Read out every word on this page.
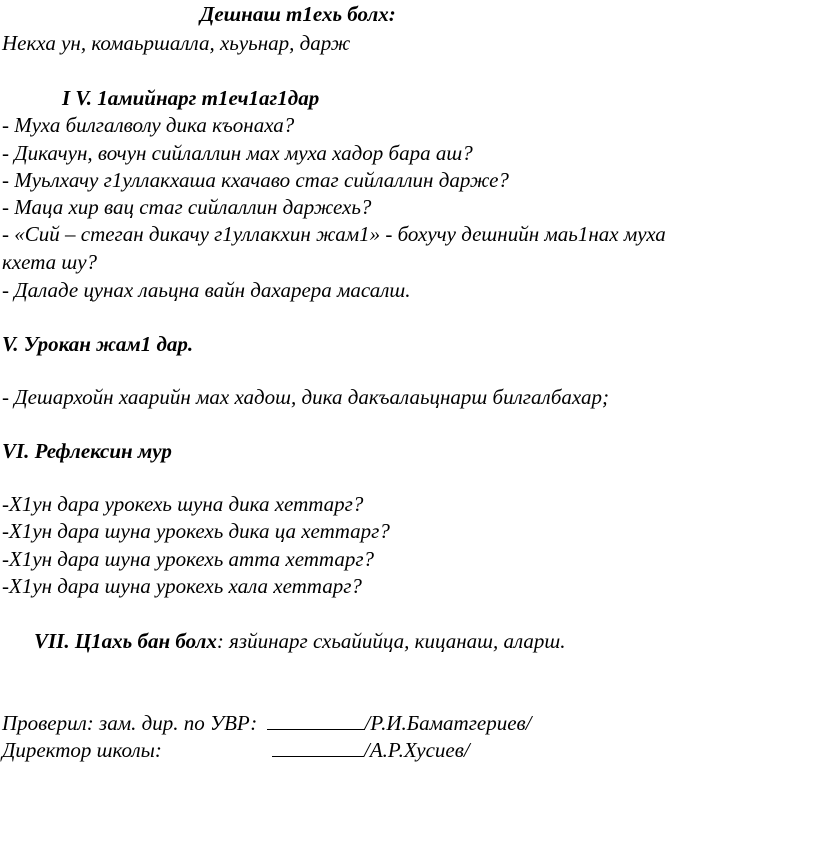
Дешнаш т1ехь болх:
Некха ун, комаьршалла, хьуьнар, дарж
I V. 1амийнарг т1еч1аг1дар
- Муха билгалволу дика къонаха?
- Дикачун, вочун сийлаллин мах муха хадор бара аш?
- Муьлхачу г1уллакхаша кхачаво стаг сийлаллин дарже?
- Маца хир вац стаг сийлаллин даржехь?
- «Сий – стеган дикачу г1уллакхин жам1» - бохучу дешнийн маь1нах муха
кхета шу?
- Даладе цунах лаьцна вайн дахарера масалш.
V. Урокан жам1 дар.
- Дешархойн хаарийн мах хадош, дика дакъалаьцнарш билгалбахар;
VI. Рефлексин мур
-Х1ун дара урокехь шуна дика хеттарг?
-Х1ун дара шуна урокехь дика ца хеттарг?
-Х1ун дара шуна урокехь атта хеттарг?
-Х1ун дара шуна урокехь хала хеттарг?
VII. Ц1ахь бан болх: язйинарг схьайийца, кицанаш, аларш.
Проверил: зам. дир. по УВР:	/Р.И.Баматгериев/
Директор школы:	/А.Р.Хусиев/
